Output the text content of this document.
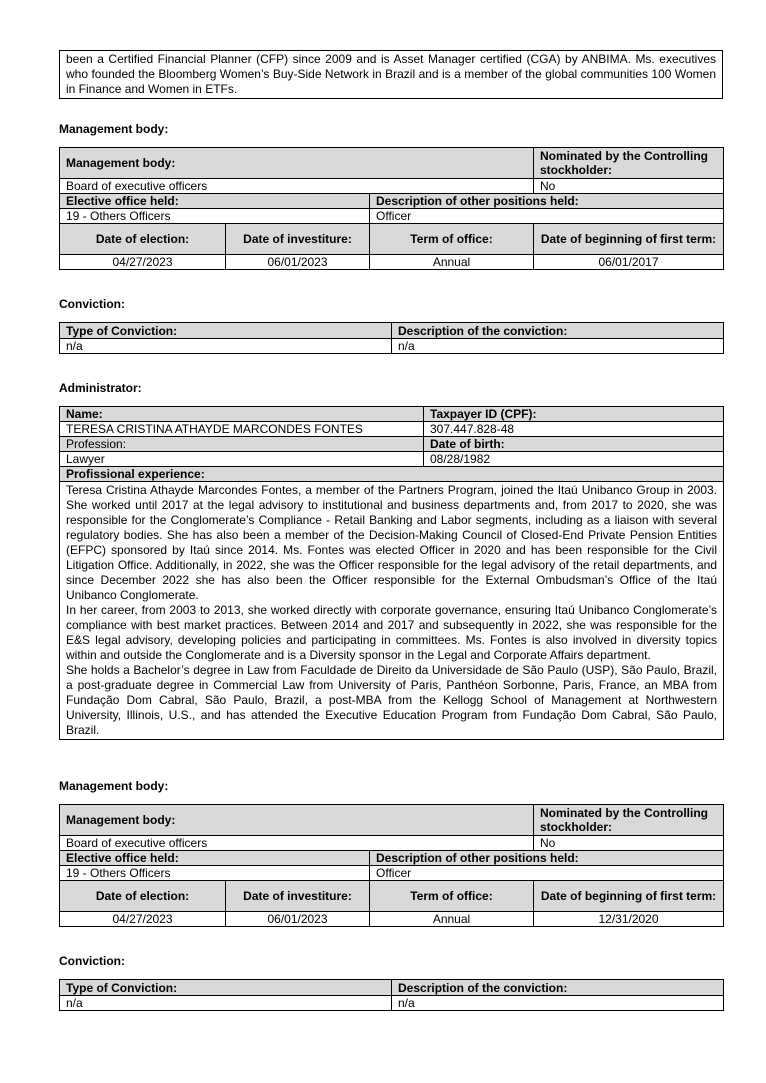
been a Certified Financial Planner (CFP) since 2009 and is Asset Manager certified (CGA) by ANBIMA. Ms. executives who founded the Bloomberg Women’s Buy-Side Network in Brazil and is a member of the global communities 100 Women in Finance and Women in ETFs.
Management body:
Management body:			Nominated by the Controlling stockholder:
Board of executive officers			No
Elective office held:		Description of other positions held:	
19 - Others Officers		Officer	
Date of election:	Date of investiture:	Term of office:	Date of beginning of first term:
04/27/2023	06/01/2023	Annual	06/01/2017
Conviction:
Type of Conviction:	Description of the conviction:
n/a	n/a
Administrator:
Name:	Taxpayer ID (CPF):
TERESA CRISTINA ATHAYDE MARCONDES FONTES	307.447.828-48
Profession:	Date of birth:
Lawyer	08/28/1982
Profissional experience:	

Teresa Cristina Athayde Marcondes Fontes, a member of the Partners Program, joined the Itaú Unibanco Group in 2003. She worked until 2017 at the legal advisory to institutional and business departments and, from 2017 to 2020, she was responsible for the Conglomerate’s Compliance - Retail Banking and Labor segments, including as a liaison with several regulatory bodies. She has also been a member of the Decision-Making Council of Closed-End Private Pension Entities (EFPC) sponsored by Itaú since 2014. Ms. Fontes was elected Officer in 2020 and has been responsible for the Civil Litigation Office. Additionally, in 2022, she was the Officer responsible for the legal advisory of the retail departments, and since December 2022 she has also been the Officer responsible for the External Ombudsman’s Office of the Itaú Unibanco Conglomerate.
In her career, from 2003 to 2013, she worked directly with corporate governance, ensuring Itaú Unibanco Conglomerate’s compliance with best market practices. Between 2014 and 2017 and subsequently in 2022, she was responsible for the E&S legal advisory, developing policies and participating in committees. Ms. Fontes is also involved in diversity topics within and outside the Conglomerate and is a Diversity sponsor in the Legal and Corporate Affairs department.
She holds a Bachelor’s degree in Law from Faculdade de Direito da Universidade de São Paulo (USP), São Paulo, Brazil, a post-graduate degree in Commercial Law from University of Paris, Panthéon Sorbonne, Paris, France, an MBA from Fundação Dom Cabral, São Paulo, Brazil, a post-MBA from the Kellogg School of Management at Northwestern University, Illinois, U.S., and has attended the Executive Education Program from Fundação Dom Cabral, São Paulo, Brazil.	
Management body:
Management body:			Nominated by the Controlling stockholder:
Board of executive officers			No
Elective office held:		Description of other positions held:	
19 - Others Officers		Officer	
Date of election:	Date of investiture:	Term of office:	Date of beginning of first term:
04/27/2023	06/01/2023	Annual	12/31/2020
Conviction:
Type of Conviction:	Description of the conviction:
n/a	n/a
